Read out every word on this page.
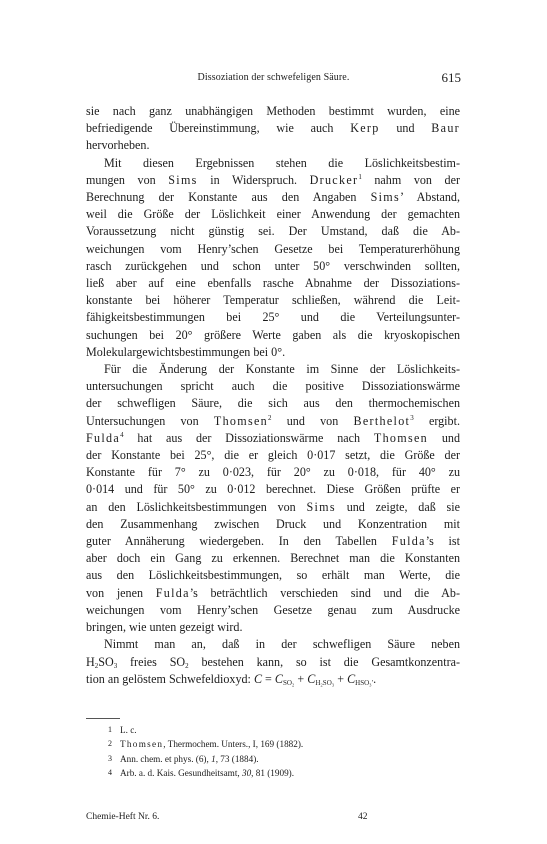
Dissoziation der schwefeligen Säure.	615
sie nach ganz unabhängigen Methoden bestimmt wurden, eine
befriedigende Übereinstimmung, wie auch Kerp und Baur
hervorheben.
Mit diesen Ergebnissen stehen die Löslichkeitsbestim-
mungen von Sims in Widerspruch. Drucker$^1$ nahm von der
Berechnung der Konstante aus den Angaben Sims’ Abstand,
weil die Größe der Löslichkeit einer Anwendung der gemachten
Voraussetzung nicht günstig sei. Der Umstand, daß die Ab-
weichungen vom Henry’schen Gesetze bei Temperaturerhöhung
rasch zurückgehen und schon unter 50° verschwinden sollten,
ließ aber auf eine ebenfalls rasche Abnahme der Dissoziations-
konstante bei höherer Temperatur schließen, während die Leit-
fähigkeitsbestimmungen bei 25° und die Verteilungsunter-
suchungen bei 20° größere Werte gaben als die kryoskopischen
Molekulargewichtsbestimmungen bei 0°.
Für die Änderung der Konstante im Sinne der Löslichkeits-
untersuchungen spricht auch die positive Dissoziationswärme
der schwefligen Säure, die sich aus den thermochemischen
Untersuchungen von Thomsen$^2$ und von Berthelot$^3$ ergibt.
Fulda$^4$ hat aus der Dissoziationswärme nach Thomsen und
der Konstante bei 25°, die er gleich 0·017 setzt, die Größe der
Konstante für 7° zu 0·023, für 20° zu 0·018, für 40° zu
0·014 und für 50° zu 0·012 berechnet. Diese Größen prüfte er
an den Löslichkeitsbestimmungen von Sims und zeigte, daß sie
den Zusammenhang zwischen Druck und Konzentration mit
guter Annäherung wiedergeben. In den Tabellen Fulda’s ist
aber doch ein Gang zu erkennen. Berechnet man die Konstanten
aus den Löslichkeitsbestimmungen, so erhält man Werte, die
von jenen Fulda’s beträchtlich verschieden sind und die Ab-
weichungen vom Henry’schen Gesetze genau zum Ausdrucke
bringen, wie unten gezeigt wird.
Nimmt man an, daß in der schwefligen Säure neben
$H_2SO_3$ freies $SO_2$ bestehen kann, so ist die Gesamtkonzentra-
tion an gelöstem Schwefeldioxyd: $C = C_{SO_2} + C_{H_2SO_3} + C_{HSO_3'}$.
1 L. c.
2 Thomsen, Thermochem. Unters., I, 169 (1882).
3 Ann. chem. et phys. (6), 1, 73 (1884).
4 Arb. a. d. Kais. Gesundheitsamt, 30, 81 (1909).
Chemie-Heft Nr. 6.	42
